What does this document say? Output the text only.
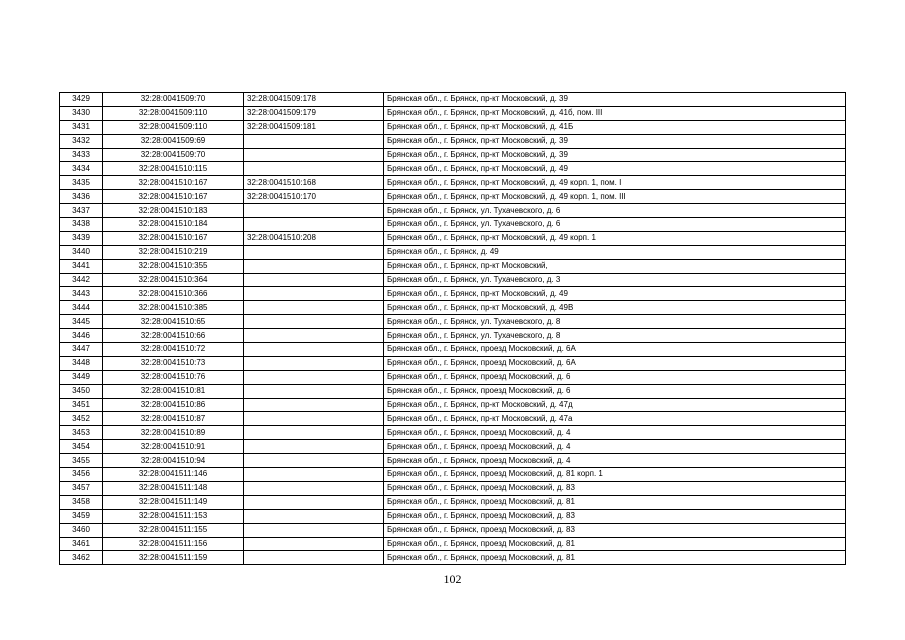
3429	32:28:0041509:70	32:28:0041509:178	Брянская обл., г. Брянск, пр-кт Московский, д. 39
3430	32:28:0041509:110	32:28:0041509:179	Брянская обл., г. Брянск, пр-кт Московский, д. 41б, пом. III
3431	32:28:0041509:110	32:28:0041509:181	Брянская обл., г. Брянск, пр-кт Московский, д. 41Б
3432	32:28:0041509:69		Брянская обл., г. Брянск, пр-кт Московский, д. 39
3433	32:28:0041509:70		Брянская обл., г. Брянск, пр-кт Московский, д. 39
3434	32:28:0041510:115		Брянская обл., г. Брянск, пр-кт Московский, д. 49
3435	32:28:0041510:167	32:28:0041510:168	Брянская обл., г. Брянск, пр-кт Московский, д. 49 корп. 1, пом. I
3436	32:28:0041510:167	32:28:0041510:170	Брянская обл., г. Брянск, пр-кт Московский, д. 49 корп. 1, пом. III
3437	32:28:0041510:183		Брянская обл., г. Брянск, ул. Тухачевского, д. 6
3438	32:28:0041510:184		Брянская обл., г. Брянск, ул. Тухачевского, д. 6
3439	32:28:0041510:167	32:28:0041510:208	Брянская обл., г. Брянск, пр-кт Московский, д. 49 корп. 1
3440	32:28:0041510:219		Брянская обл., г. Брянск, д. 49
3441	32:28:0041510:355		Брянская обл., г. Брянск, пр-кт Московский,
3442	32:28:0041510:364		Брянская обл., г. Брянск, ул. Тухачевского, д. 3
3443	32:28:0041510:366		Брянская обл., г. Брянск, пр-кт Московский, д. 49
3444	32:28:0041510:385		Брянская обл., г. Брянск, пр-кт Московский, д. 49В
3445	32:28:0041510:65		Брянская обл., г. Брянск, ул. Тухачевского, д. 8
3446	32:28:0041510:66		Брянская обл., г. Брянск, ул. Тухачевского, д. 8
3447	32:28:0041510:72		Брянская обл., г. Брянск, проезд Московский, д. 6А
3448	32:28:0041510:73		Брянская обл., г. Брянск, проезд Московский, д. 6А
3449	32:28:0041510:76		Брянская обл., г. Брянск, проезд Московский, д. 6
3450	32:28:0041510:81		Брянская обл., г. Брянск, проезд Московский, д. 6
3451	32:28:0041510:86		Брянская обл., г. Брянск, пр-кт Московский, д. 47д
3452	32:28:0041510:87		Брянская обл., г. Брянск, пр-кт Московский, д. 47а
3453	32:28:0041510:89		Брянская обл., г. Брянск, проезд Московский, д. 4
3454	32:28:0041510:91		Брянская обл., г. Брянск, проезд Московский, д. 4
3455	32:28:0041510:94		Брянская обл., г. Брянск, проезд Московский, д. 4
3456	32:28:0041511:146		Брянская обл., г. Брянск, проезд Московский, д. 81 корп. 1
3457	32:28:0041511:148		Брянская обл., г. Брянск, проезд Московский, д. 83
3458	32:28:0041511:149		Брянская обл., г. Брянск, проезд Московский, д. 81
3459	32:28:0041511:153		Брянская обл., г. Брянск, проезд Московский, д. 83
3460	32:28:0041511:155		Брянская обл., г. Брянск, проезд Московский, д. 83
3461	32:28:0041511:156		Брянская обл., г. Брянск, проезд Московский, д. 81
3462	32:28:0041511:159		Брянская обл., г. Брянск, проезд Московский, д. 81
102
